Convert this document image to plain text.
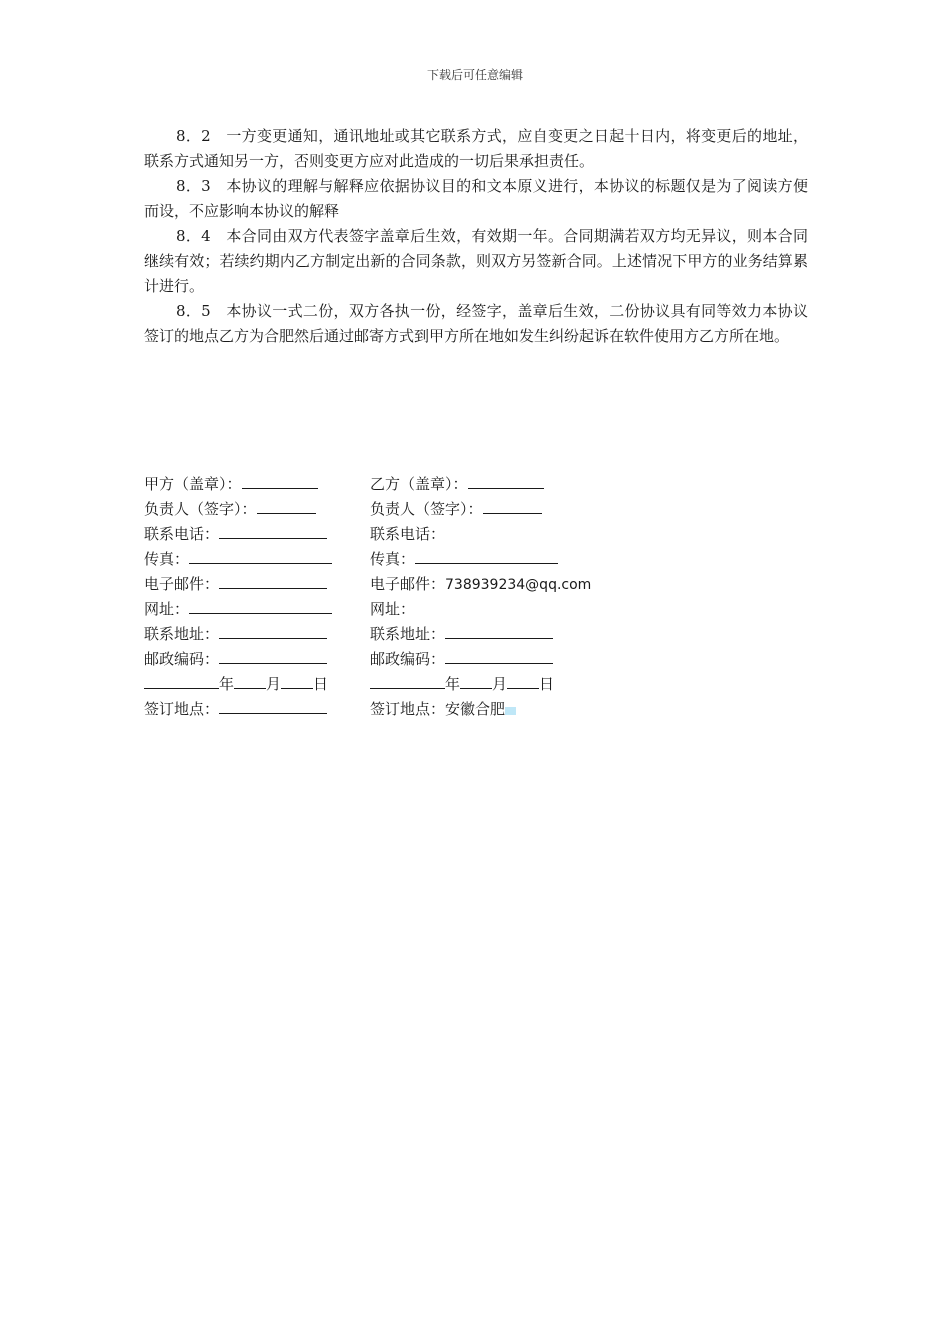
下载后可任意编辑

8．2　一方变更通知，通讯地址或其它联系方式，应自变更之日起十日内，将变更后的地址，联系方式通知另一方，否则变更方应对此造成的一切后果承担责任。

8．3　本协议的理解与解释应依据协议目的和文本原义进行，本协议的标题仅是为了阅读方便而设，不应影响本协议的解释

8．4　本合同由双方代表签字盖章后生效，有效期一年。合同期满若双方均无异议，则本合同继续有效；若续约期内乙方制定出新的合同条款，则双方另签新合同。上述情况下甲方的业务结算累计进行。

8．5　本协议一式二份，双方各执一份，经签字，盖章后生效，二份协议具有同等效力本协议签订的地点乙方为合肥然后通过邮寄方式到甲方所在地如发生纠纷起诉在软件使用方乙方所在地。

甲方（盖章）：	乙方（盖章）：
负责人（签字）：	负责人（签字）：
联系电话：	联系电话：
传真：	传真：
电子邮件：	电子邮件：738939234@qq.com
网址：	网址：
联系地址：	联系地址：
邮政编码：	邮政编码：
年 月 日	年 月 日
签订地点：	签订地点：安徽合肥
